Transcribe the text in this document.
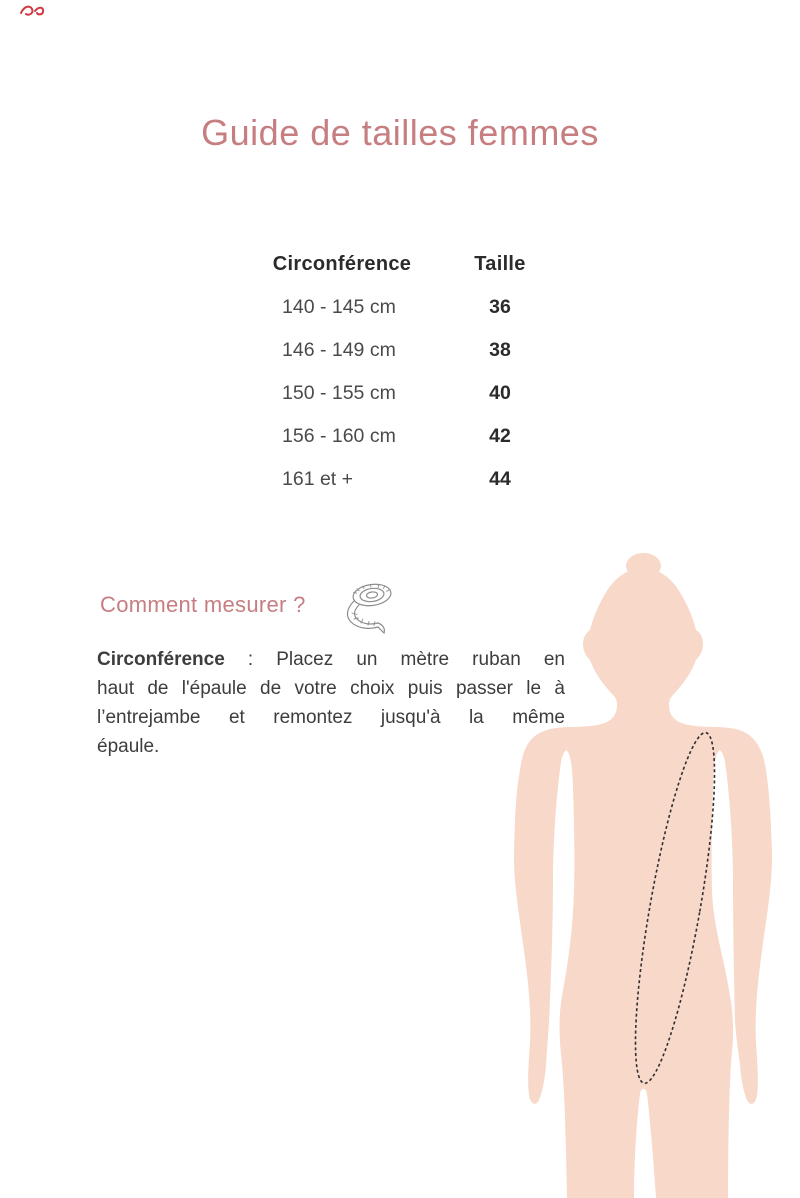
Guide de tailles femmes
Circonférence	Taille
140 - 145 cm	36
146 - 149 cm	38
150 - 155 cm	40
156 - 160 cm	42
161 et +	44
Comment mesurer ?
Circonférence : Placez un mètre ruban en
haut de l'épaule de votre choix puis passer le à
l’entrejambe et remontez jusqu'à la même
épaule.
